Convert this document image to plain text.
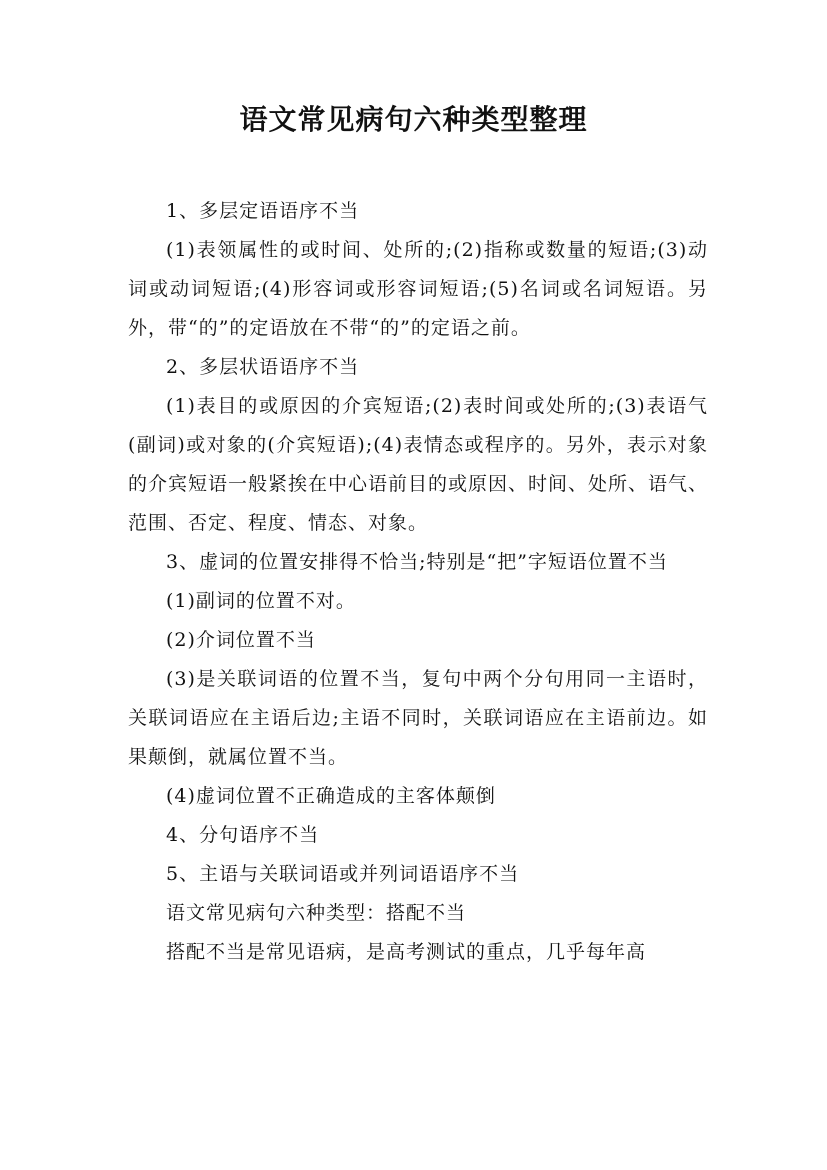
语文常见病句六种类型整理

1、多层定语语序不当

(1)表领属性的或时间、处所的;(2)指称或数量的短语;(3)动词或动词短语;(4)形容词或形容词短语;(5)名词或名词短语。另外，带“的”的定语放在不带“的”的定语之前。

2、多层状语语序不当

(1)表目的或原因的介宾短语;(2)表时间或处所的;(3)表语气(副词)或对象的(介宾短语);(4)表情态或程序的。另外，表示对象的介宾短语一般紧挨在中心语前目的或原因、时间、处所、语气、范围、否定、程度、情态、对象。

3、虚词的位置安排得不恰当;特别是“把”字短语位置不当

(1)副词的位置不对。

(2)介词位置不当

(3)是关联词语的位置不当，复句中两个分句用同一主语时，关联词语应在主语后边;主语不同时，关联词语应在主语前边。如果颠倒，就属位置不当。

(4)虚词位置不正确造成的主客体颠倒

4、分句语序不当

5、主语与关联词语或并列词语语序不当

语文常见病句六种类型：搭配不当

搭配不当是常见语病，是高考测试的重点，几乎每年高
